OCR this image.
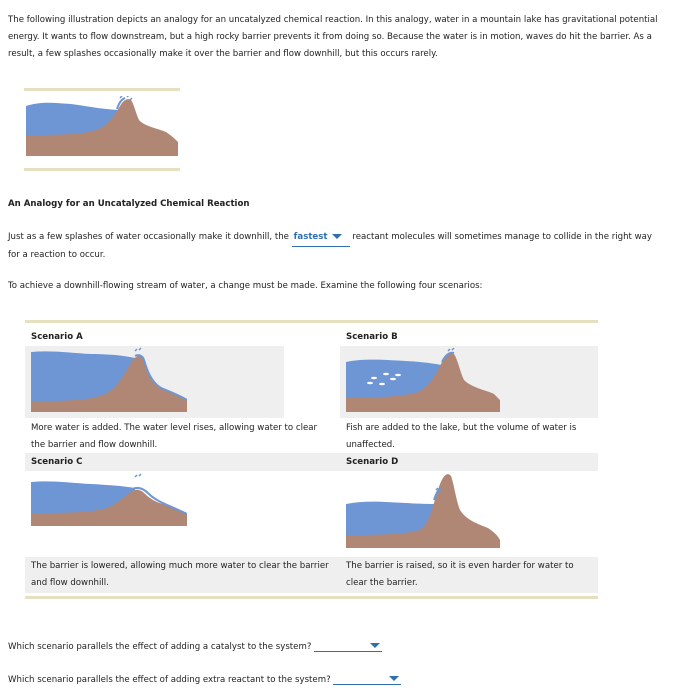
The following illustration depicts an analogy for an uncatalyzed chemical reaction. In this analogy, water in a mountain lake has gravitational potential energy. It wants to flow downstream, but a high rocky barrier prevents it from doing so. Because the water is in motion, waves do hit the barrier. As a result, a few splashes occasionally make it over the barrier and flow downhill, but this occurs rarely.

An Analogy for an Uncatalyzed Chemical Reaction

Just as a few splashes of water occasionally make it downhill, the fastest	reactant molecules will sometimes manage to collide in the right way for a reaction to occur.

To achieve a downhill-flowing stream of water, a change must be made. Examine the following four scenarios:

Scenario A
More water is added. The water level rises, allowing water to clear the barrier and flow downhill.
Scenario B
Fish are added to the lake, but the volume of water is unaffected.
Scenario C	Scenario D
The barrier is lowered, allowing much more water to clear the barrier and flow downhill.
The barrier is raised, so it is even harder for water to clear the barrier.
Which scenario parallels the effect of adding a catalyst to the system?
Which scenario parallels the effect of adding extra reactant to the system?
